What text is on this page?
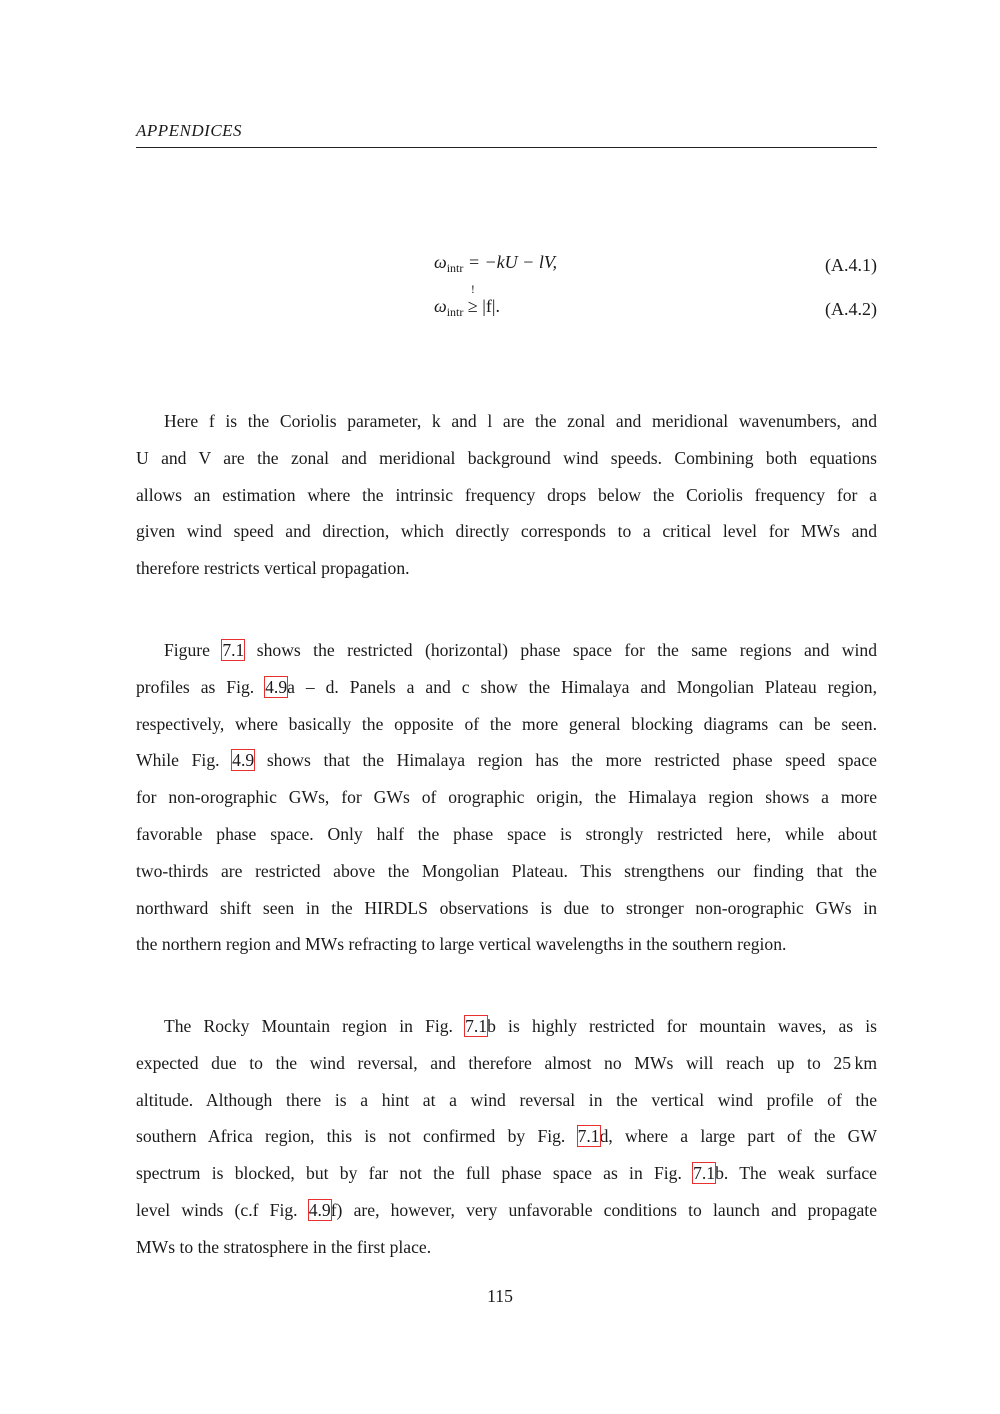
APPENDICES
$\omega_{intr} = -kU$ − lV,	(A.4.1)
$\omega_{intr}$
!
≥ |f|.	(A.4.2)
Here f is the Coriolis parameter, k and l are the zonal and meridional wavenumbers, and
U and V are the zonal and meridional background wind speeds. Combining both equations
allows an estimation where the intrinsic frequency drops below the Coriolis frequency for a
given wind speed and direction, which directly corresponds to a critical level for MWs and
therefore restricts vertical propagation.
Figure 7.1 shows the restricted (horizontal) phase space for the same regions and wind
profiles as Fig. 4.9a – d. Panels a and c show the Himalaya and Mongolian Plateau region,
respectively, where basically the opposite of the more general blocking diagrams can be seen.
While Fig. 4.9 shows that the Himalaya region has the more restricted phase speed space
for non-orographic GWs, for GWs of orographic origin, the Himalaya region shows a more
favorable phase space. Only half the phase space is strongly restricted here, while about
two-thirds are restricted above the Mongolian Plateau. This strengthens our finding that the
northward shift seen in the HIRDLS observations is due to stronger non-orographic GWs in
the northern region and MWs refracting to large vertical wavelengths in the southern region.
The Rocky Mountain region in Fig. 7.1b is highly restricted for mountain waves, as is
expected due to the wind reversal, and therefore almost no MWs will reach up to 25 km
altitude. Although there is a hint at a wind reversal in the vertical wind profile of the
southern Africa region, this is not confirmed by Fig. 7.1d, where a large part of the GW
spectrum is blocked, but by far not the full phase space as in Fig. 7.1b. The weak surface
level winds (c.f Fig. 4.9f) are, however, very unfavorable conditions to launch and propagate
MWs to the stratosphere in the first place.
115
